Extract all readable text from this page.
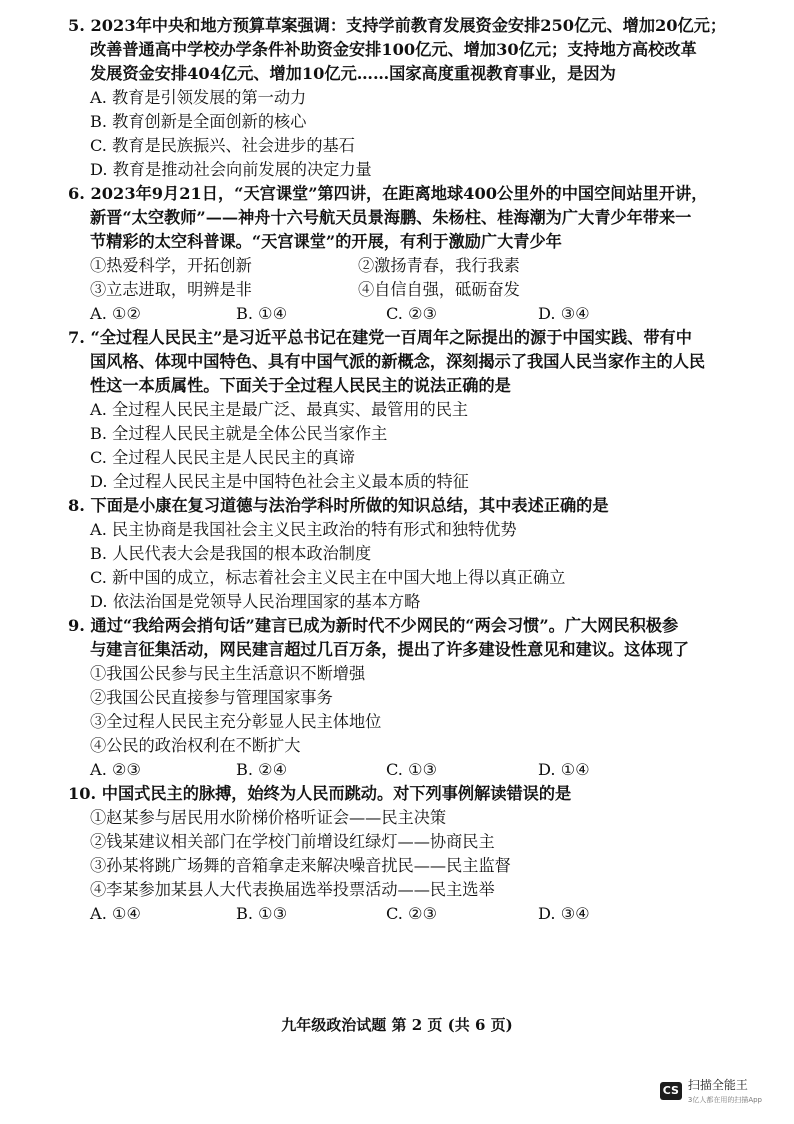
5. 2023年中央和地方预算草案强调：支持学前教育发展资金安排250亿元、增加20亿元；
改善普通高中学校办学条件补助资金安排100亿元、增加30亿元；支持地方高校改革
发展资金安排404亿元、增加10亿元……国家高度重视教育事业，是因为
A. 教育是引领发展的第一动力
B. 教育创新是全面创新的核心
C. 教育是民族振兴、社会进步的基石
D. 教育是推动社会向前发展的决定力量
6. 2023年9月21日，“天宫课堂”第四讲，在距离地球400公里外的中国空间站里开讲，
新晋“太空教师”——神舟十六号航天员景海鹏、朱杨柱、桂海潮为广大青少年带来一
节精彩的太空科普课。“天宫课堂”的开展，有利于激励广大青少年
①热爱科学，开拓创新	②激扬青春，我行我素
③立志进取，明辨是非	④自信自强，砥砺奋发
A. ①②	B. ①④	C. ②③	D. ③④
7. “全过程人民民主”是习近平总书记在建党一百周年之际提出的源于中国实践、带有中
国风格、体现中国特色、具有中国气派的新概念，深刻揭示了我国人民当家作主的人民
性这一本质属性。下面关于全过程人民民主的说法正确的是
A. 全过程人民民主是最广泛、最真实、最管用的民主
B. 全过程人民民主就是全体公民当家作主
C. 全过程人民民主是人民民主的真谛
D. 全过程人民民主是中国特色社会主义最本质的特征
8. 下面是小康在复习道德与法治学科时所做的知识总结，其中表述正确的是
A. 民主协商是我国社会主义民主政治的特有形式和独特优势
B. 人民代表大会是我国的根本政治制度
C. 新中国的成立，标志着社会主义民主在中国大地上得以真正确立
D. 依法治国是党领导人民治理国家的基本方略
9. 通过“我给两会捎句话”建言已成为新时代不少网民的“两会习惯”。广大网民积极参
与建言征集活动，网民建言超过几百万条，提出了许多建设性意见和建议。这体现了
①我国公民参与民主生活意识不断增强
②我国公民直接参与管理国家事务
③全过程人民民主充分彰显人民主体地位
④公民的政治权利在不断扩大
A. ②③	B. ②④	C. ①③	D. ①④
10. 中国式民主的脉搏，始终为人民而跳动。对下列事例解读错误的是
①赵某参与居民用水阶梯价格听证会——民主决策
②钱某建议相关部门在学校门前增设红绿灯——协商民主
③孙某将跳广场舞的音箱拿走来解决噪音扰民——民主监督
④李某参加某县人大代表换届选举投票活动——民主选举
A. ①④	B. ①③	C. ②③	D. ③④
九年级政治试题 第 2 页 (共 6 页)
CS 扫描全能王
3亿人都在用的扫描App
